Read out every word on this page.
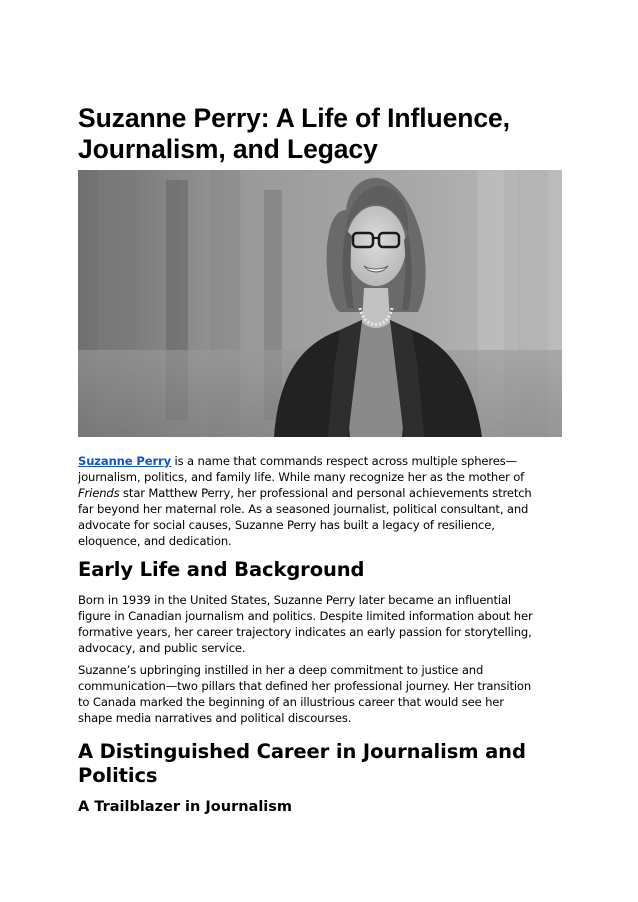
Suzanne Perry: A Life of Influence,
Journalism, and Legacy

Suzanne Perry is a name that commands respect across multiple spheres—
journalism, politics, and family life. While many recognize her as the mother of
Friends star Matthew Perry, her professional and personal achievements stretch
far beyond her maternal role. As a seasoned journalist, political consultant, and
advocate for social causes, Suzanne Perry has built a legacy of resilience,
eloquence, and dedication.

Early Life and Background

Born in 1939 in the United States, Suzanne Perry later became an influential
figure in Canadian journalism and politics. Despite limited information about her
formative years, her career trajectory indicates an early passion for storytelling,
advocacy, and public service.

Suzanne’s upbringing instilled in her a deep commitment to justice and
communication—two pillars that defined her professional journey. Her transition
to Canada marked the beginning of an illustrious career that would see her
shape media narratives and political discourses.

A Distinguished Career in Journalism and
Politics
A Trailblazer in Journalism
